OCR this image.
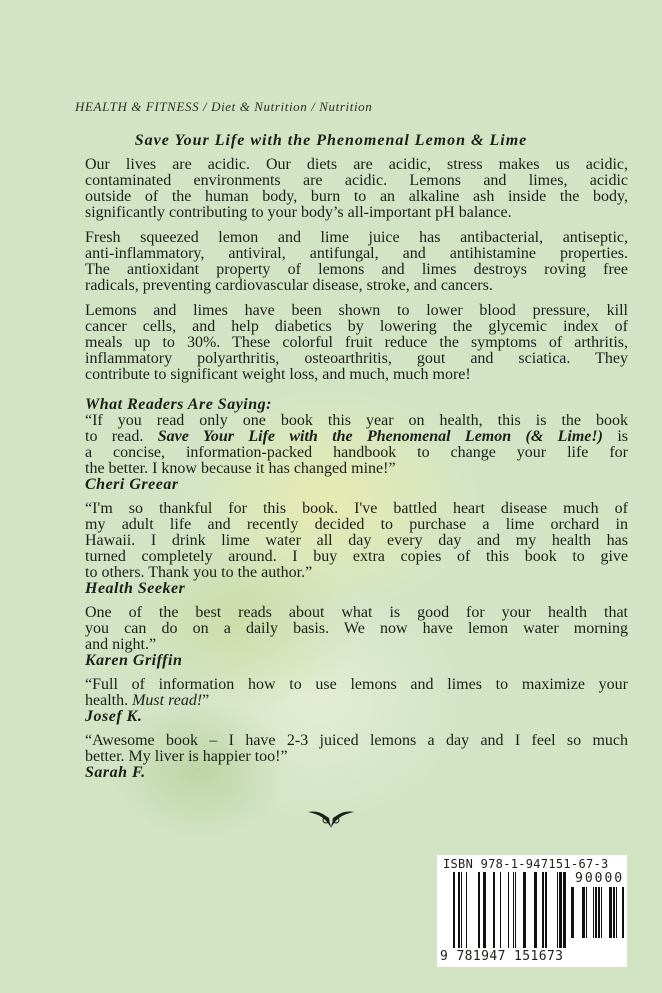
HEALTH & FITNESS / Diet & Nutrition / Nutrition
Save Your Life with the Phenomenal Lemon & Lime
Our lives are acidic. Our diets are acidic, stress makes us acidic,
contaminated environments are acidic. Lemons and limes, acidic
outside of the human body, burn to an alkaline ash inside the body,
significantly contributing to your body’s all-important pH balance.
Fresh squeezed lemon and lime juice has antibacterial, antiseptic,
anti-inflammatory, antiviral, antifungal, and antihistamine properties.
The antioxidant property of lemons and limes destroys roving free
radicals, preventing cardiovascular disease, stroke, and cancers.
Lemons and limes have been shown to lower blood pressure, kill
cancer cells, and help diabetics by lowering the glycemic index of
meals up to 30%. These colorful fruit reduce the symptoms of arthritis,
inflammatory polyarthritis, osteoarthritis, gout and sciatica. They
contribute to significant weight loss, and much, much more!
What Readers Are Saying:
“If you read only one book this year on health, this is the book
to read. Save Your Life with the Phenomenal Lemon (& Lime!) is
a concise, information-packed handbook to change your life for
the better. I know because it has changed mine!”
Cheri Greear
“I'm so thankful for this book. I've battled heart disease much of
my adult life and recently decided to purchase a lime orchard in
Hawaii. I drink lime water all day every day and my health has
turned completely around. I buy extra copies of this book to give
to others. Thank you to the author.”
Health Seeker
One of the best reads about what is good for your health that
you can do on a daily basis. We now have lemon water morning
and night.”
Karen Griffin
“Full of information how to use lemons and limes to maximize your
health. Must read!”
Josef K.
“Awesome book – I have 2-3 juiced lemons a day and I feel so much
better. My liver is happier too!”
Sarah F.
ISBN 978-1-947151-67-3
90000
9 781947 151673
